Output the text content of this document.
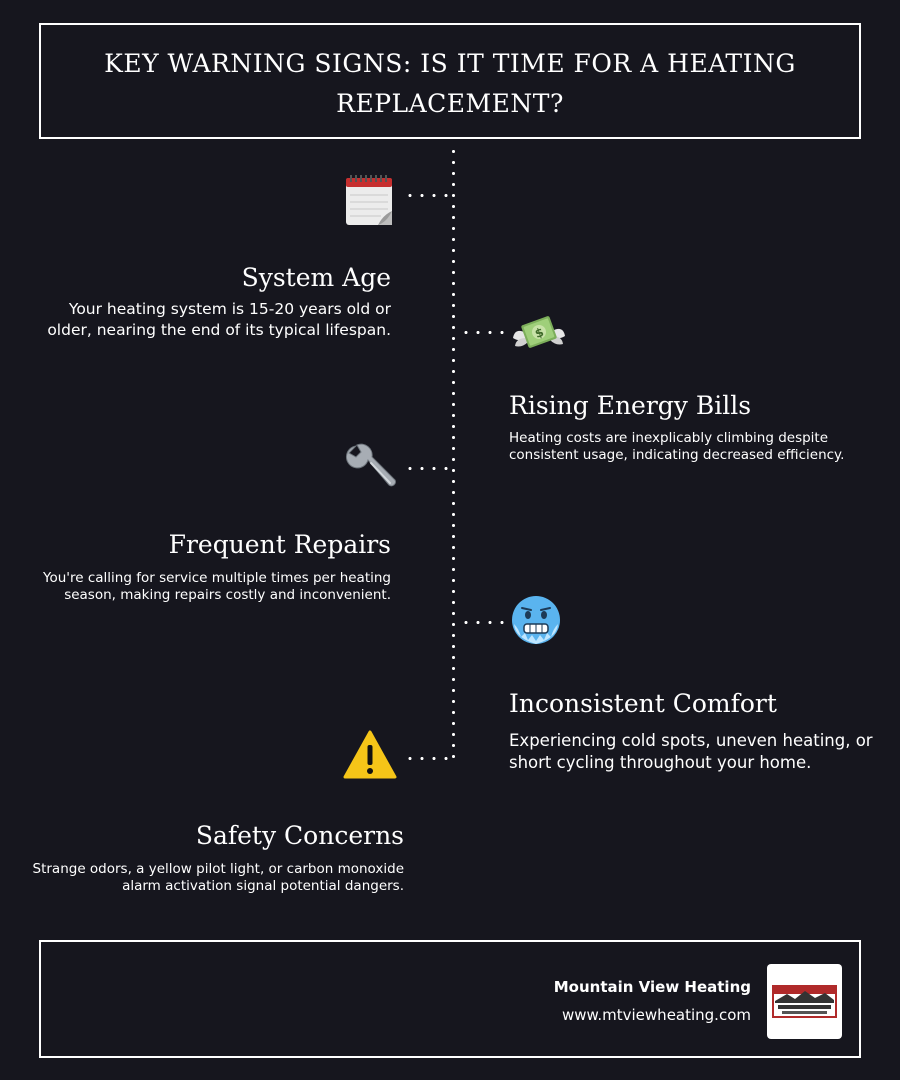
KEY WARNING SIGNS: IS IT TIME FOR A HEATING REPLACEMENT?
System Age
Your heating system is 15-20 years old or older, nearing the end of its typical lifespan.	$
Rising Energy Bills
Heating costs are inexplicably climbing despite consistent usage, indicating decreased efficiency.
Frequent Repairs
You're calling for service multiple times per heating season, making repairs costly and inconvenient.
Inconsistent Comfort
Experiencing cold spots, uneven heating, or short cycling throughout your home.
Safety Concerns
Strange odors, a yellow pilot light, or carbon monoxide alarm activation signal potential dangers.
Mountain View Heating
www.mtviewheating.com
